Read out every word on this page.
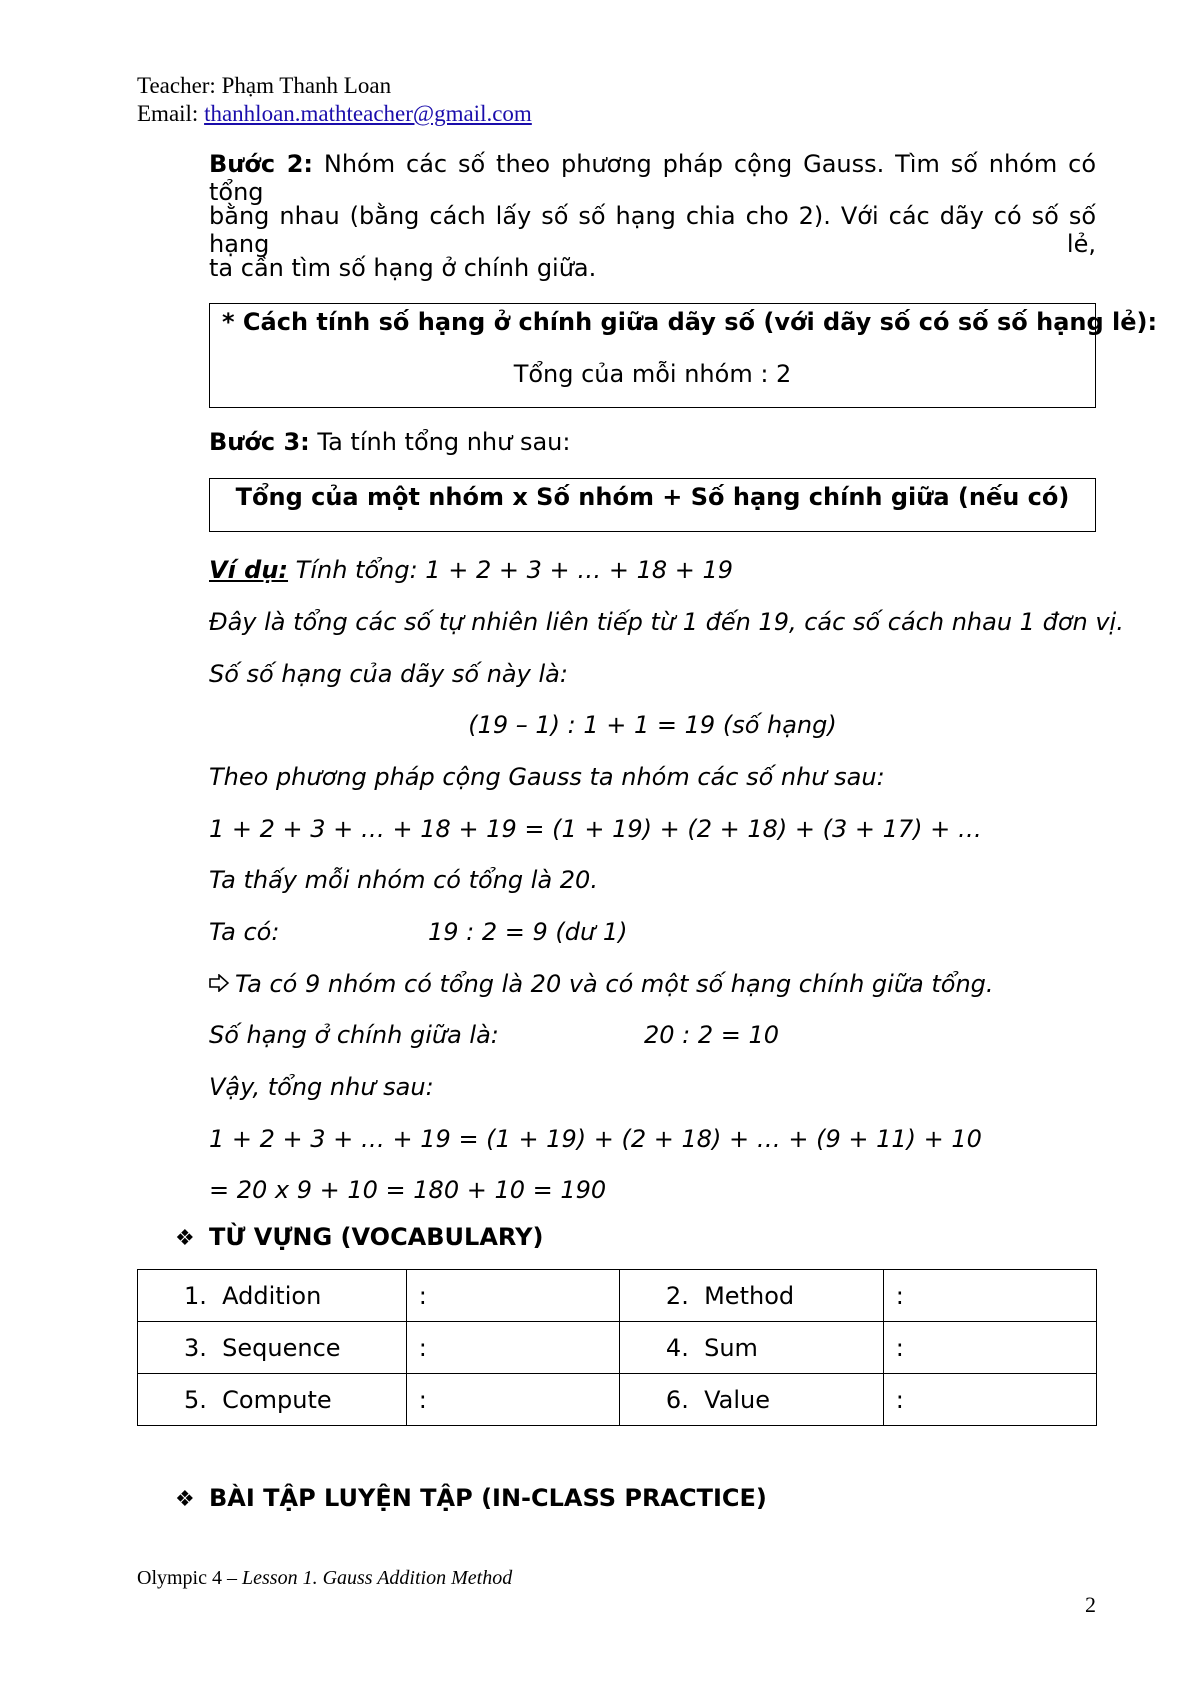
Teacher: Phạm Thanh Loan
Email: thanhloan.mathteacher@gmail.com
Bước 2: Nhóm các số theo phương pháp cộng Gauss. Tìm số nhóm có tổng
bằng nhau (bằng cách lấy số số hạng chia cho 2). Với các dãy có số số hạng lẻ,
ta cần tìm số hạng ở chính giữa.
* Cách tính số hạng ở chính giữa dãy số (với dãy số có số số hạng lẻ):
Tổng của mỗi nhóm : 2
Bước 3: Ta tính tổng như sau:
Tổng của một nhóm x Số nhóm + Số hạng chính giữa (nếu có)
Ví dụ: Tính tổng: 1 + 2 + 3 + … + 18 + 19
Đây là tổng các số tự nhiên liên tiếp từ 1 đến 19, các số cách nhau 1 đơn vị.
Số số hạng của dãy số này là:
(19 – 1) : 1 + 1 = 19 (số hạng)
Theo phương pháp cộng Gauss ta nhóm các số như sau:
1 + 2 + 3 + … + 18 + 19 = (1 + 19) + (2 + 18) + (3 + 17) + …
Ta thấy mỗi nhóm có tổng là 20.
Ta có:	19 : 2 = 9 (dư 1)
Ta có 9 nhóm có tổng là 20 và có một số hạng chính giữa tổng.
Số hạng ở chính giữa là:	20 : 2 = 10
Vậy, tổng như sau:
1 + 2 + 3 + … + 19 = (1 + 19) + (2 + 18) + … + (9 + 11) + 10
= 20 x 9 + 10 = 180 + 10 = 190
❖ TỪ VỰNG (VOCABULARY)
1. Addition	:	2. Method	:
3. Sequence	:	4. Sum	:
5. Compute	:	6. Value	:
❖ BÀI TẬP LUYỆN TẬP (IN-CLASS PRACTICE)
Olympic 4 – Lesson 1. Gauss Addition Method
2
